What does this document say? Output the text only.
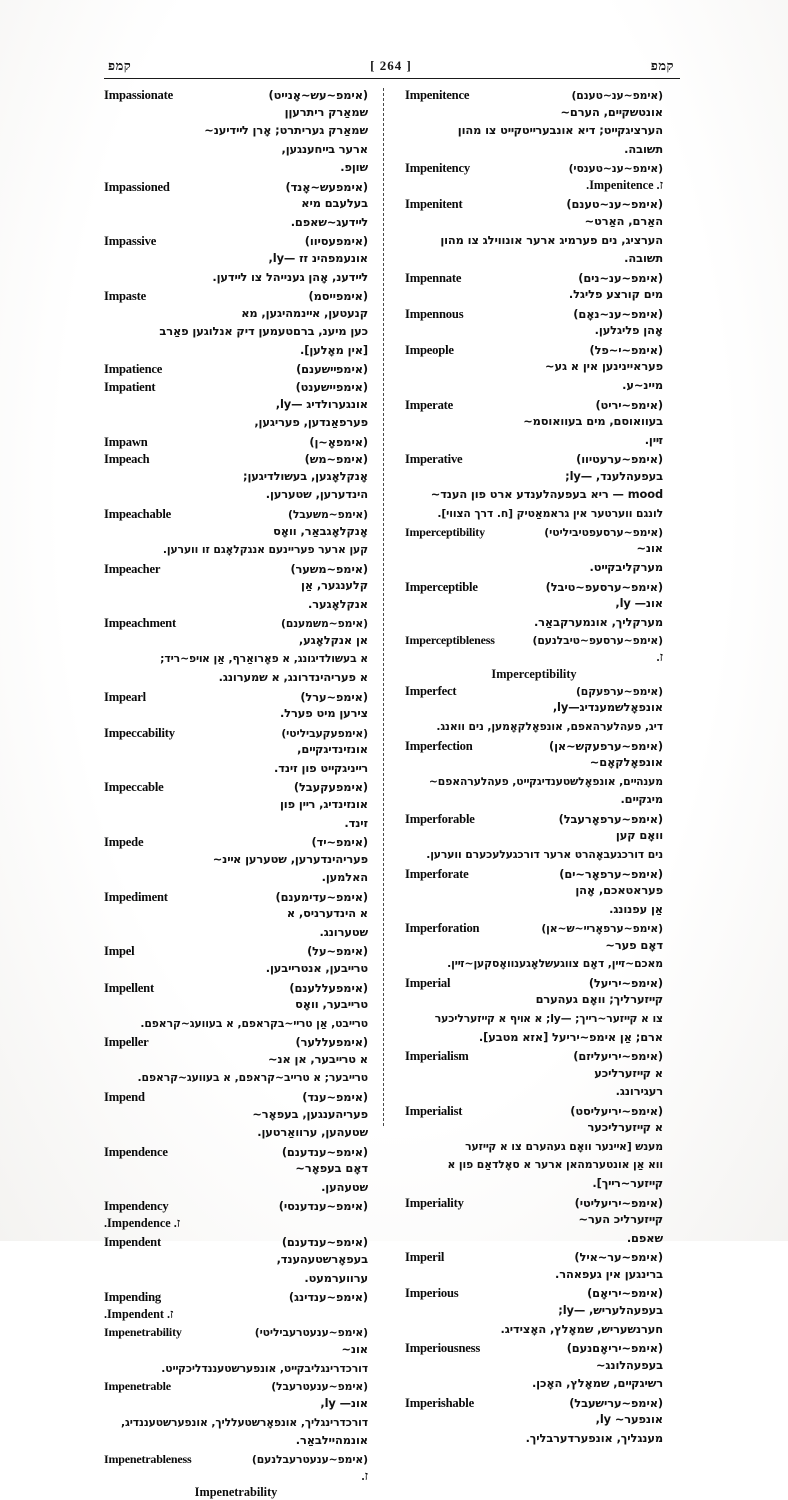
קמפ	[ 264 ]	קמפ
Impassionate	(אימפ~עש~אָנייט)
שמאַרק ריתרעןן
שמאַרק געריתרט; אָרן לײדיענ~
ארער בײחענגען,
שוןפ.
Impassioned	(אימפעש~אָנד)
בעלעבם מיא
לײדעג~שאפם.
Impassive	(אימפעסיוו)
אונעמפהינ זז —ly,
לײדענ, אָהן גענייהל צו לײדען.
Impaste	(אימפייסמ)
קנעטען, אײנמהיגען, מא
כען מיענ, ברםטעמען דיק אנלוגען פאַרב
[אין מאָלען].
Impatience	(אימפײשענם)
Impatient	(אימפיישענט)
אונגערולדיג —ly,
פערפאַנדען, פעריגען,
Impawn	(אימפאָ~ן)
Impeach	(אימפ~מש)
אָנקלאָגען, בעשולדיגען;
הינדערען, שטערען.
Impeachable	(אימפ~משעבל)
אָנקלאָגבאַר, וואָס
קען ארער פעריינעם אנגקלאָגם זו ווערען.
Impeacher	(אימפ~משער)
קלענגער, אַן
אנקלאָגער.
Impeachment	(אימפ~משמענם)
אן אנקלאָגע,
א בעשולדיגונג, א פאָרואַרף, אַן אױפ~ריד;
א פעריהינדרונג, א שמערונג.
Impearl	(אימפ~ערל)
צירען מיט פערל.
Impeccability	(אימפעקעביליטי)
אונזינדיגקײם,
רײניגקײט פון זינד.
Impeccable	(אימפעקעבל)
אונזינדיג, רײן פון
זינד.
Impede	(אימפ~יד)
פעריהינדערען, שטערען אײנ~
האלמען.
Impediment	(אימפ~עדימענם)
א הינדערניס, א
שטערונג.
Impel	(אימפ~על)
טרײבען, אנטרײבען.
Impellent	(אימפעללענם)
טרײבער, וואָס
טרײבט, אַן טרײ~בקראפם, א בעוועג~קראפם.
Impeller	(אימפעללער)
א טרײבער, אן אנ~
טרײבער; א טרײב~קראפם, א בעוועג~קראפם.
Impend	(אימפ~ענד)
פעריהענגען, בעפאָר~
שטעהען, ערוואַרטען.
Impendence	(אימפ~ענדענם)
דאָם בעפאָר~
שטעהען.
Impendency	(אימפ~ענדענסי)
ז. Impendence.
Impendent	(אימפ~ענדענם)
בעפאָרשטעהענד,
ערווערמעט.
Impending	(אימפ~ענדינג)
ז. Impendent.
Impenetrability	(אימפ~ענעטרעביליטי)
אונ~
דורכדרינגליבקײט, אונפערשטעננדליכקײט.
Impenetrable	(אימפ~ענעטרעבל)
אונ— ly,
דורכדרינגליך, אונפאָרשטעלליך, אונפערשטעננדיג,
אונמהיילבאַר.
Impenetrableness	(אימפ~ענעטרעבלנעם)
ז.
Impenetrability
Impenitence	(אימפ~ענ~טענם)
אונטשקײם, הערם~
הערציגקײט; דיא אונבערײטקײט צו מהון
תשובה.
Impenitency	(אימפ~ענ~טענסי)
ז. Impenitence.
Impenitent	(אימפ~ענ~טענם)
האַרם, האַרט~
הערציג, נים פערמיג ארער אונווילג צו מהון
תשובה.
Impennate	(אימפ~ענ~נים)
מים קורצע פליגל.
Impennous	(אימפ~ענ~נאָם)
אָהן פליגלען.
Impeople	(אימפ~י~פל)
פעראיינינען אין א גע~
מיינ~ע.
Imperate	(אימפ~יריט)
בעוואוסם, מים בעוואוסמ~
זײן.
Imperative	(אימפ~ערעטיוו)
בעפעהלענד, —ly;
mood — ריא בעפעהלענדע ארט פון הענד~
לונגם ווערטער אין גראמאַטיק [ח. דרך הצווי].
Imperceptibility	(אימפ~ערסעפטיביליטי)
אונ~
מערקליבקײט.
Imperceptible	(אימפ~ערסעפ~טיבל)
אונ— ly,
מערקליך, אונמערקבאַר.
Imperceptibleness	(אימפ~ערסעפ~טיבלנעם)
ז.
Imperceptibility
Imperfect	(אימפ~ערפעקם)
אונפאָלשמענדיג—ly,
דיג, פעהלערהאפם, אונפאָלקאָמען, נים וואנג.
Imperfection	(אימפ~ערפעקש~אן)
אונפאָלקאָם~
מענהײם, אונפאָלשטענדיגקײט, פעהלערהאפם~
מיגקײם.
Imperforable	(אימפ~ערפאָרעבל)
וואָם קען
נים דורכגעבאָהרט ארער דורכגעלעכערם ווערען.
Imperforate	(אימפ~ערפאָר~ים)
פעראטאכם, אָהן
אַן עפנונג.
Imperforation	(אימפ~ערפאָרײ~ש~אן)
דאָם פער~
מאכם~זײן, דאָם צווגעשלאָגענוואָסקען~זײן.
Imperial	(אימפ~יריעל)
קײזערליך; וואָם געהערם
צו א קײזער~רײך; —ly; א אױף א קײזערליכער
ארם; אַן אימפ~יריעל [אזא מטבע].
Imperialism	(אימפ~יריעליזם)
א קײזערליכע
רעגירונג.
Imperialist	(אימפ~יריעליסט)
א קײזערליכער
מענש [אײנער וואָם געהערם צו א קײזער
ווא אַן אונטערמהאן ארער א סאָלדאַם פון א
קײזער~רײך].
Imperiality	(אימפ~יריעליטי)
קײזערליכ הער~
שאפם.
Imperil	(אימפ~ער~איל)
ברינגען אין געפאהר.
Imperious	(אימפ~יריאָם)
בעפעהלעריש, —ly;
חערנשעריש, שמאָלץ, האָצידיג.
Imperiousness	(אימפ~יריאָםנעם)
בעפעהלונג~
רשיגקײם, שמאָלץ, האָכן.
Imperishable	(אימפ~ערישעבל)
אונפער~ ly,
מענגליך, אונפערדערבליך.
